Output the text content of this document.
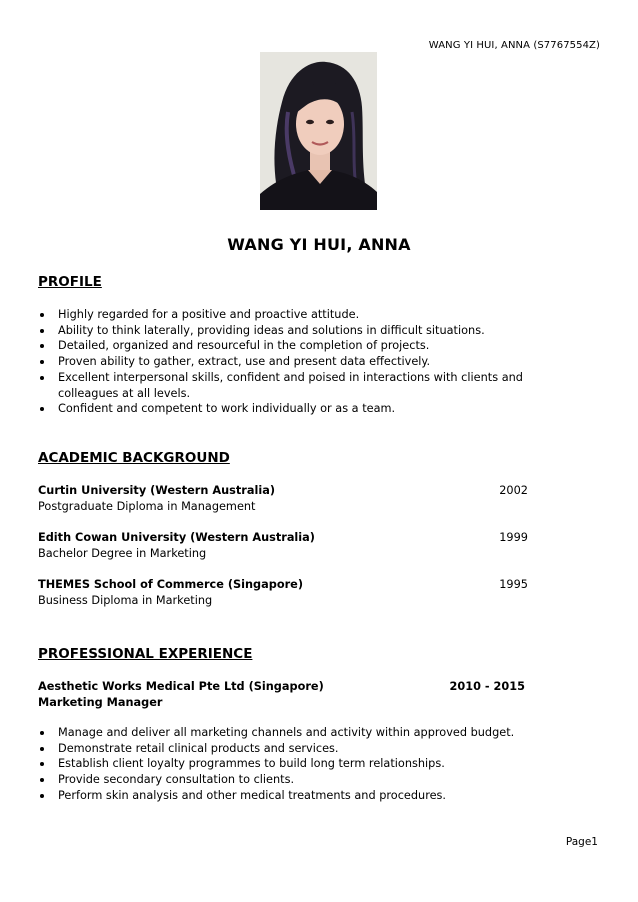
WANG YI HUI, ANNA (S7767554Z)
WANG YI HUI, ANNA
PROFILE
Highly regarded for a positive and proactive attitude.
Ability to think laterally, providing ideas and solutions in difficult situations.
Detailed, organized and resourceful in the completion of projects.
Proven ability to gather, extract, use and present data effectively.
Excellent interpersonal skills, confident and poised in interactions with clients and colleagues at all levels.
Confident and competent to work individually or as a team.
ACADEMIC BACKGROUND
Curtin University (Western Australia)
Postgraduate Diploma in Management
2002
Edith Cowan University (Western Australia)
Bachelor Degree in Marketing
1999
THEMES School of Commerce (Singapore)
Business Diploma in Marketing
1995
PROFESSIONAL EXPERIENCE
Aesthetic Works Medical Pte Ltd (Singapore)
Marketing Manager
2010 - 2015
Manage and deliver all marketing channels and activity within approved budget.
Demonstrate retail clinical products and services.
Establish client loyalty programmes to build long term relationships.
Provide secondary consultation to clients.
Perform skin analysis and other medical treatments and procedures.
Page1
